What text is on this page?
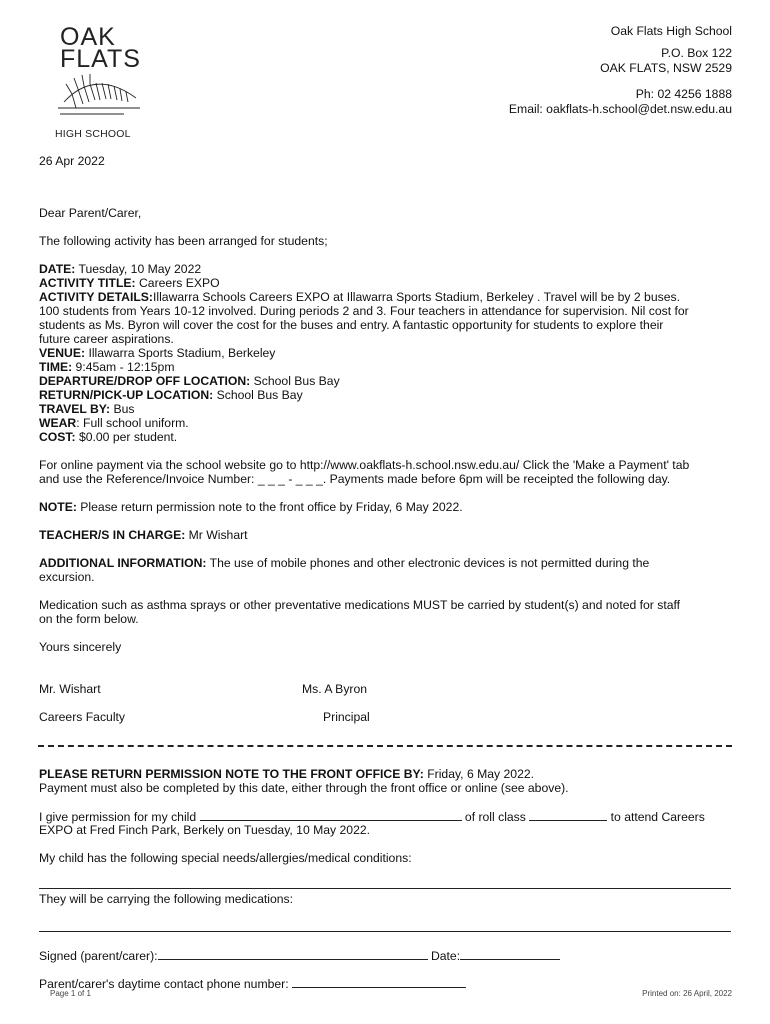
OAK
FLATS
HIGH SCHOOL
Oak Flats High School
P.O. Box 122
OAK FLATS, NSW 2529
Ph: 02 4256 1888
Email: oakflats-h.school@det.nsw.edu.au
26 Apr 2022
Dear Parent/Carer,
The following activity has been arranged for students;
DATE: Tuesday, 10 May 2022
ACTIVITY TITLE: Careers EXPO
ACTIVITY DETAILS:Illawarra Schools Careers EXPO at Illawarra Sports Stadium, Berkeley . Travel will be by 2 buses.
100 students from Years 10-12 involved. During periods 2 and 3. Four teachers in attendance for supervision. Nil cost for
students as Ms. Byron will cover the cost for the buses and entry. A fantastic opportunity for students to explore their
future career aspirations.
VENUE: Illawarra Sports Stadium, Berkeley
TIME: 9:45am - 12:15pm
DEPARTURE/DROP OFF LOCATION: School Bus Bay
RETURN/PICK-UP LOCATION: School Bus Bay
TRAVEL BY: Bus
WEAR: Full school uniform.
COST: $0.00 per student.
For online payment via the school website go to http://www.oakflats-h.school.nsw.edu.au/ Click the 'Make a Payment' tab
and use the Reference/Invoice Number: _ _ _ - _ _ _. Payments made before 6pm will be receipted the following day.
NOTE: Please return permission note to the front office by Friday, 6 May 2022.
TEACHER/S IN CHARGE: Mr Wishart
ADDITIONAL INFORMATION: The use of mobile phones and other electronic devices is not permitted during the
excursion.
Medication such as asthma sprays or other preventative medications MUST be carried by student(s) and noted for staff
on the form below.
Yours sincerely
Mr. Wishart	Ms. A Byron
Careers Faculty	Principal
PLEASE RETURN PERMISSION NOTE TO THE FRONT OFFICE BY: Friday, 6 May 2022.
Payment must also be completed by this date, either through the front office or online (see above).
I give permission for my child	of roll class	to attend Careers
EXPO at Fred Finch Park, Berkely on Tuesday, 10 May 2022.
My child has the following special needs/allergies/medical conditions:
They will be carrying the following medications:
Signed (parent/carer):	Date:
Parent/carer's daytime contact phone number:
Page 1 of 1	Printed on: 26 April, 2022
